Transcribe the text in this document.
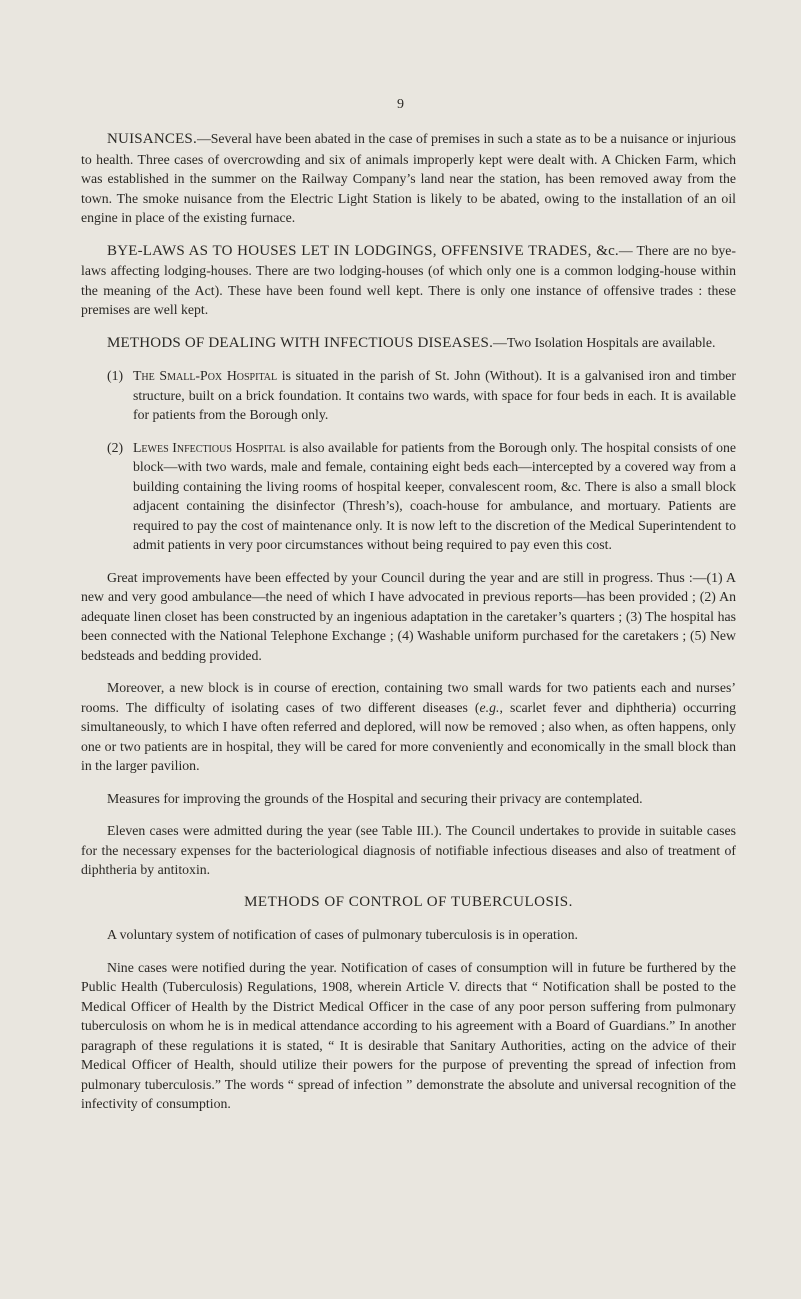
9

NUISANCES.—Several have been abated in the case of premises in such a state as to be a nuisance or injurious to health. Three cases of overcrowding and six of animals improperly kept were dealt with. A Chicken Farm, which was established in the summer on the Railway Company’s land near the station, has been removed away from the town. The smoke nuisance from the Electric Light Station is likely to be abated, owing to the installation of an oil engine in place of the existing furnace.

BYE-LAWS AS TO HOUSES LET IN LODGINGS, OFFENSIVE TRADES, &c.— There are no bye-laws affecting lodging-houses. There are two lodging-houses (of which only one is a common lodging-house within the meaning of the Act). These have been found well kept. There is only one instance of offensive trades : these premises are well kept.

METHODS OF DEALING WITH INFECTIOUS DISEASES.—Two Isolation Hospitals are available.

(1) The Small-Pox Hospital is situated in the parish of St. John (Without). It is a galvanised iron and timber structure, built on a brick foundation. It contains two wards, with space for four beds in each. It is available for patients from the Borough only.
(2) Lewes Infectious Hospital is also available for patients from the Borough only. The hospital consists of one block—with two wards, male and female, containing eight beds each—intercepted by a covered way from a building containing the living rooms of hospital keeper, convalescent room, &c. There is also a small block adjacent containing the disinfector (Thresh’s), coach-house for ambulance, and mortuary. Patients are required to pay the cost of maintenance only. It is now left to the discretion of the Medical Superintendent to admit patients in very poor circumstances without being required to pay even this cost.

Great improvements have been effected by your Council during the year and are still in progress. Thus :—(1) A new and very good ambulance—the need of which I have advocated in previous reports—has been provided ; (2) An adequate linen closet has been constructed by an ingenious adaptation in the caretaker’s quarters ; (3) The hospital has been connected with the National Telephone Exchange ; (4) Washable uniform purchased for the caretakers ; (5) New bedsteads and bedding provided.

Moreover, a new block is in course of erection, containing two small wards for two patients each and nurses’ rooms. The difficulty of isolating cases of two different diseases (e.g., scarlet fever and diphtheria) occurring simultaneously, to which I have often referred and deplored, will now be removed ; also when, as often happens, only one or two patients are in hospital, they will be cared for more conveniently and economically in the small block than in the larger pavilion.

Measures for improving the grounds of the Hospital and securing their privacy are contemplated.

Eleven cases were admitted during the year (see Table III.). The Council undertakes to provide in suitable cases for the necessary expenses for the bacteriological diagnosis of notifiable infectious diseases and also of treatment of diphtheria by antitoxin.

METHODS OF CONTROL OF TUBERCULOSIS.

A voluntary system of notification of cases of pulmonary tuberculosis is in operation.

Nine cases were notified during the year. Notification of cases of consumption will in future be furthered by the Public Health (Tuberculosis) Regulations, 1908, wherein Article V. directs that “ Notification shall be posted to the Medical Officer of Health by the District Medical Officer in the case of any poor person suffering from pulmonary tuberculosis on whom he is in medical attendance according to his agreement with a Board of Guardians.” In another paragraph of these regulations it is stated, “ It is desirable that Sanitary Authorities, acting on the advice of their Medical Officer of Health, should utilize their powers for the purpose of preventing the spread of infection from pulmonary tuberculosis.” The words “ spread of infection ” demonstrate the absolute and universal recognition of the infectivity of consumption.
